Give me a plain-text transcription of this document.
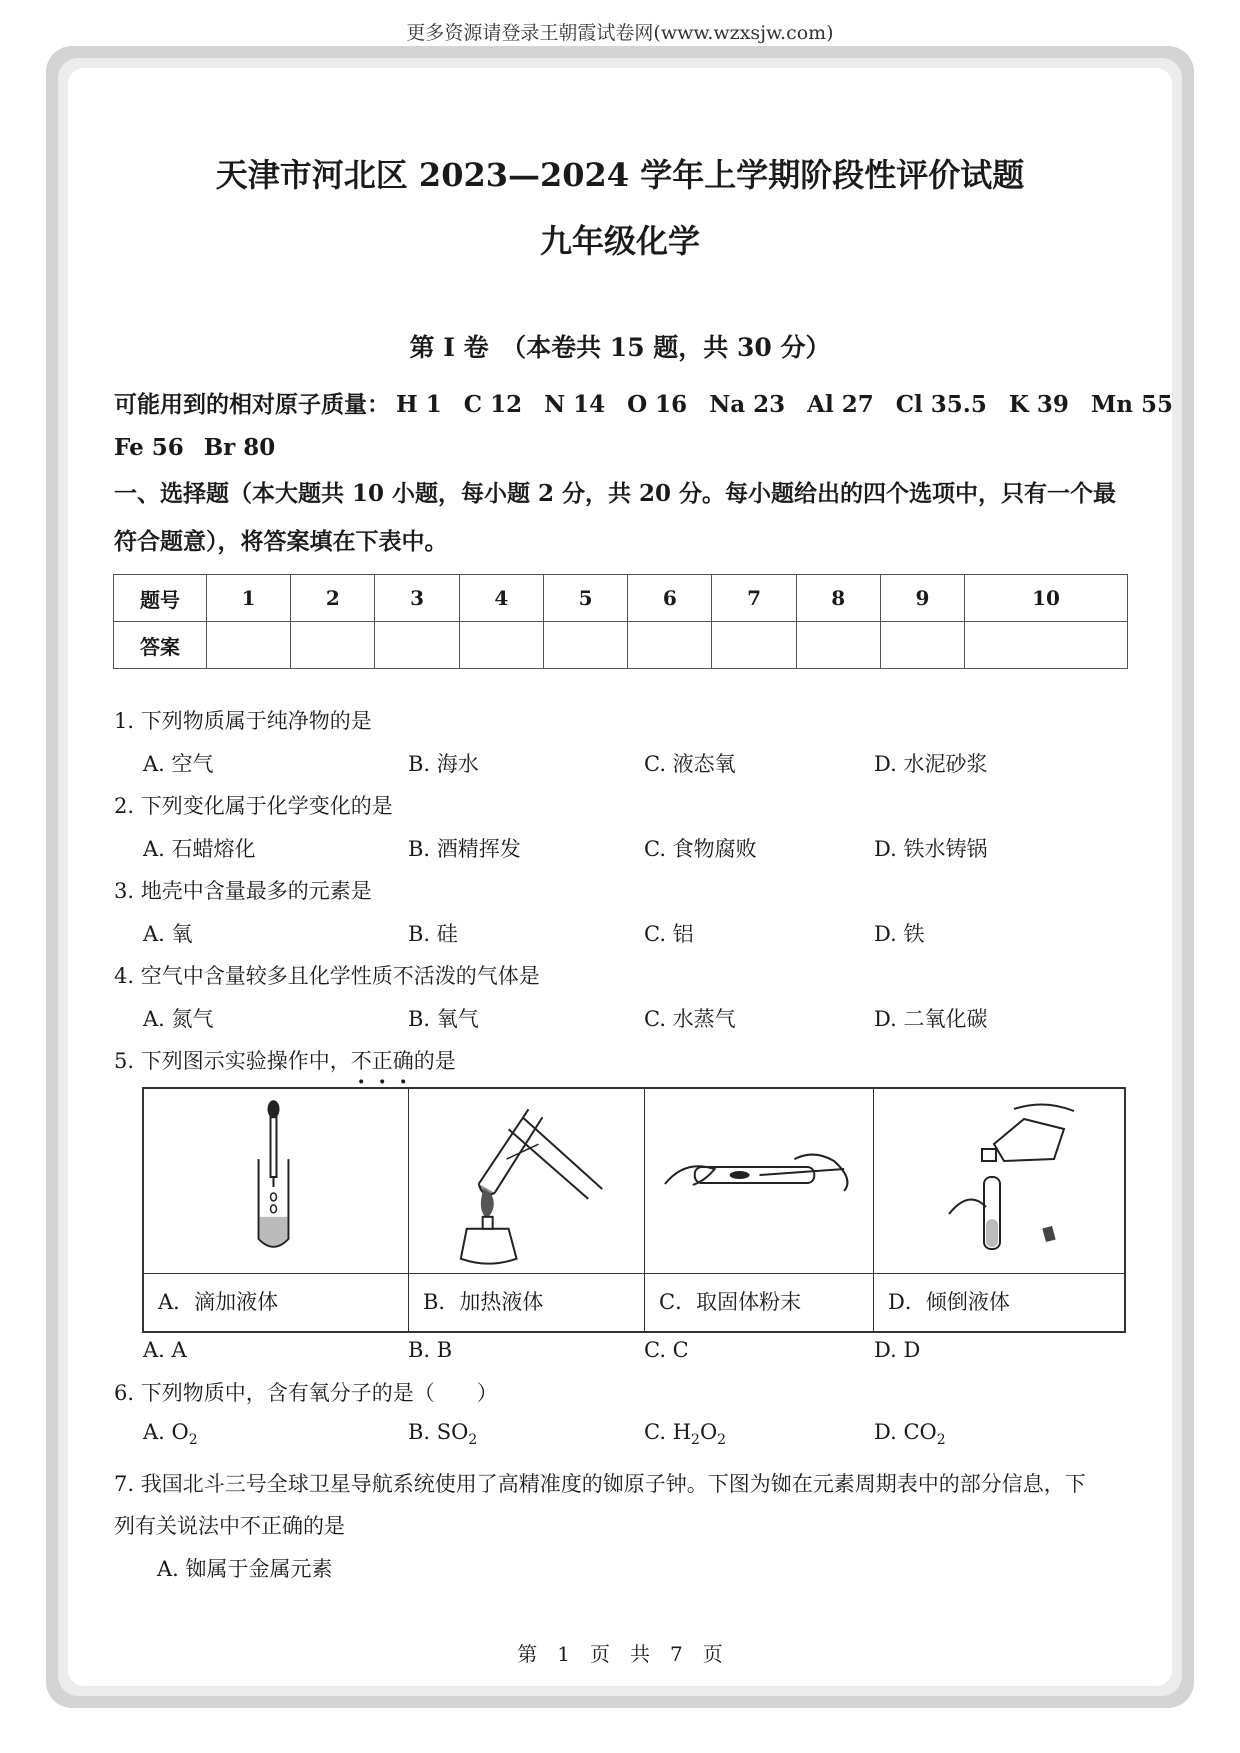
更多资源请登录王朝霞试卷网(www.wzxsjw.com)
天津市河北区 2023—2024 学年上学期阶段性评价试题
九年级化学
第 I 卷　（本卷共 15 题，共 30 分）
可能用到的相对原子质量： H 1 C 12 N 14 O 16 Na 23 Al 27 Cl 35.5 K 39 Mn 55
Fe 56 Br 80
一、选择题（本大题共 10 小题，每小题 2 分，共 20 分。每小题给出的四个选项中，只有一个最符合题意），将答案填在下表中。
题号	1	2	3	4	5	6	7	8	9	10
答案										
1. 下列物质属于纯净物的是
A. 空气	B. 海水	C. 液态氧	D. 水泥砂浆
2. 下列变化属于化学变化的是
A. 石蜡熔化	B. 酒精挥发	C. 食物腐败	D. 铁水铸锅
3. 地壳中含量最多的元素是
A. 氧	B. 硅	C. 铝	D. 铁
4. 空气中含量较多且化学性质不活泼的气体是
A. 氮气	B. 氧气	C. 水蒸气	D. 二氧化碳
5. 下列图示实验操作中，不正确的是
A．滴加液体	B．加热液体	C．取固体粉末	D．倾倒液体
A. A	B. B	C. C	D. D
6. 下列物质中，含有氧分子的是（　　）
A. $O_2$	B. $SO_2$	C. $H_2O_2$	D. $CO_2$
7. 我国北斗三号全球卫星导航系统使用了高精准度的铷原子钟。下图为铷在元素周期表中的部分信息，下
列有关说法中不正确的是
A. 铷属于金属元素
第　1　页　共　7　页
